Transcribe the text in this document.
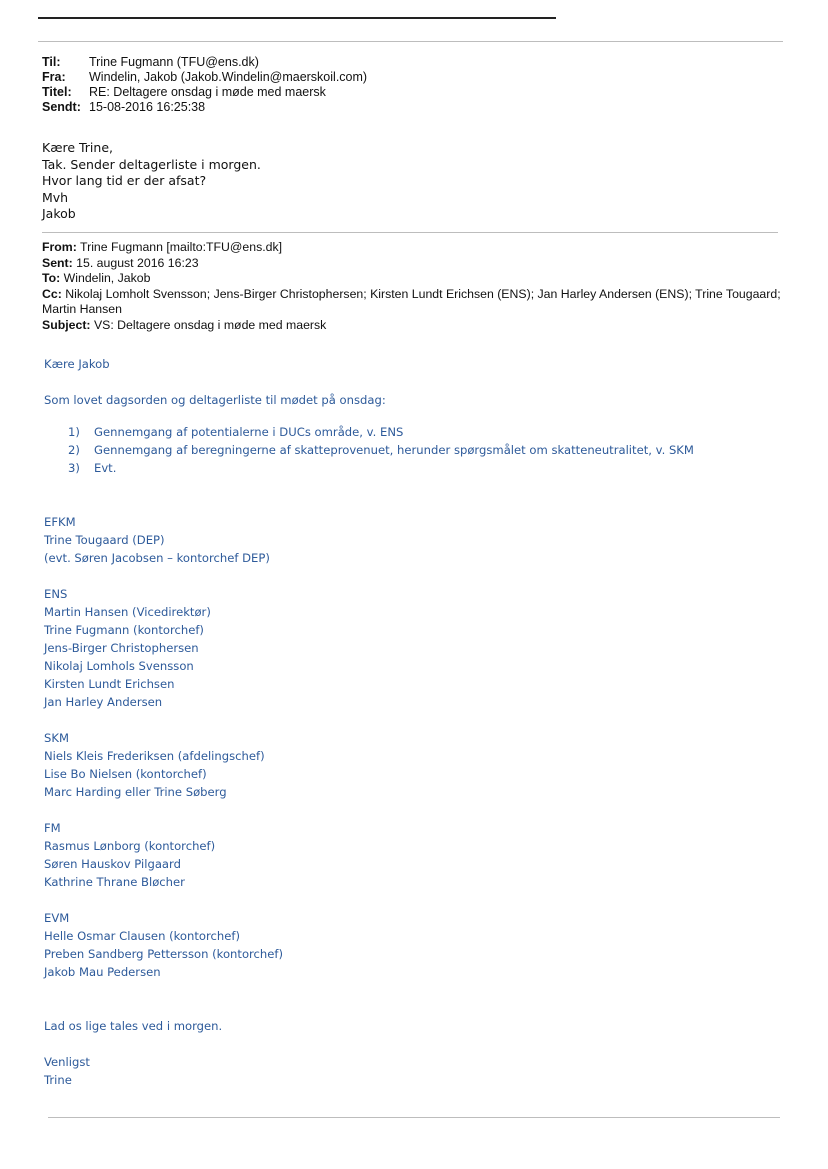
Til: Trine Fugmann (TFU@ens.dk)
Fra: Windelin, Jakob (Jakob.Windelin@maerskoil.com)
Titel: RE: Deltagere onsdag i møde med maersk
Sendt: 15-08-2016 16:25:38
Kære Trine,
Tak. Sender deltagerliste i morgen.
Hvor lang tid er der afsat?
Mvh
Jakob
From: Trine Fugmann [mailto:TFU@ens.dk]
Sent: 15. august 2016 16:23
To: Windelin, Jakob
Cc: Nikolaj Lomholt Svensson; Jens-Birger Christophersen; Kirsten Lundt Erichsen (ENS); Jan Harley Andersen (ENS); Trine Tougaard; Martin Hansen
Subject: VS: Deltagere onsdag i møde med maersk

Kære Jakob

Som lovet dagsorden og deltagerliste til mødet på onsdag:

1) Gennemgang af potentialerne i DUCs område, v. ENS
2) Gennemgang af beregningerne af skatteprovenuet, herunder spørgsmålet om skatteneutralitet, v. SKM
3) Evt.

EFKM

Trine Tougaard (DEP)

(evt. Søren Jacobsen – kontorchef DEP)

ENS

Martin Hansen (Vicedirektør)

Trine Fugmann (kontorchef)

Jens-Birger Christophersen

Nikolaj Lomhols Svensson

Kirsten Lundt Erichsen

Jan Harley Andersen

SKM

Niels Kleis Frederiksen (afdelingschef)

Lise Bo Nielsen (kontorchef)

Marc Harding eller Trine Søberg

FM

Rasmus Lønborg (kontorchef)

Søren Hauskov Pilgaard

Kathrine Thrane Bløcher

EVM

Helle Osmar Clausen (kontorchef)

Preben Sandberg Pettersson (kontorchef)

Jakob Mau Pedersen

Lad os lige tales ved i morgen.

Venligst

Trine
